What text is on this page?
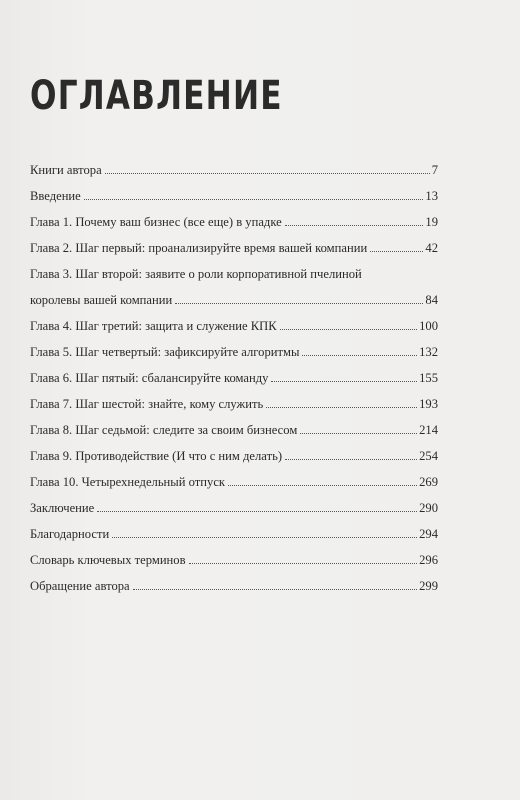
ОГЛАВЛЕНИЕ
Книги автора	7
Введение	13
Глава 1. Почему ваш бизнес (все еще) в упадке	19
Глава 2. Шаг первый: проанализируйте время вашей компании	42
Глава 3. Шаг второй: заявите о роли корпоративной пчелиной
королевы вашей компании	84
Глава 4. Шаг третий: защита и служение КПК	100
Глава 5. Шаг четвертый: зафиксируйте алгоритмы	132
Глава 6. Шаг пятый: сбалансируйте команду	155
Глава 7. Шаг шестой: знайте, кому служить	193
Глава 8. Шаг седьмой: следите за своим бизнесом	214
Глава 9. Противодействие (И что с ним делать)	254
Глава 10. Четырехнедельный отпуск	269
Заключение	290
Благодарности	294
Словарь ключевых терминов	296
Обращение автора	299
